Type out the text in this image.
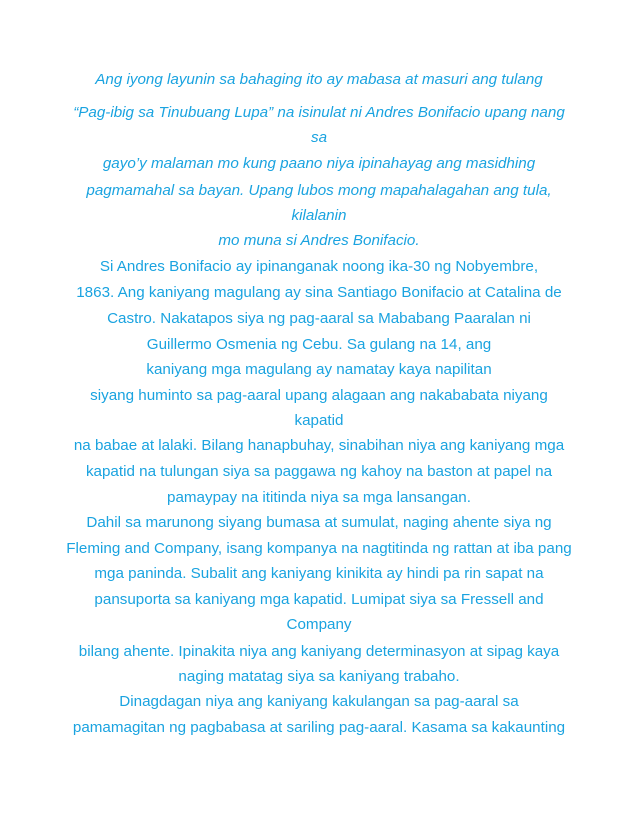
Ang iyong layunin sa bahaging ito ay mabasa at masuri ang tulang
“Pag-ibig sa Tinubuang Lupa” na isinulat ni Andres Bonifacio upang nang
sa
gayo’y malaman mo kung paano niya ipinahayag ang masidhing
pagmamahal sa bayan. Upang lubos mong mapahalagahan ang tula,
kilalanin
mo muna si Andres Bonifacio.
Si Andres Bonifacio ay ipinanganak noong ika-30 ng Nobyembre,
1863. Ang kaniyang magulang ay sina Santiago Bonifacio at Catalina de
Castro. Nakatapos siya ng pag-aaral sa Mababang Paaralan ni
Guillermo Osmenia ng Cebu. Sa gulang na 14, ang
kaniyang mga magulang ay namatay kaya napilitan
siyang huminto sa pag-aaral upang alagaan ang nakababata niyang
kapatid
na babae at lalaki. Bilang hanapbuhay, sinabihan niya ang kaniyang mga
kapatid na tulungan siya sa paggawa ng kahoy na baston at papel na
pamaypay na ititinda niya sa mga lansangan.
Dahil sa marunong siyang bumasa at sumulat, naging ahente siya ng
Fleming and Company, isang kompanya na nagtitinda ng rattan at iba pang
mga paninda. Subalit ang kaniyang kinikita ay hindi pa rin sapat na
pansuporta sa kaniyang mga kapatid. Lumipat siya sa Fressell and
Company
bilang ahente. Ipinakita niya ang kaniyang determinasyon at sipag kaya
naging matatag siya sa kaniyang trabaho.
Dinagdagan niya ang kaniyang kakulangan sa pag-aaral sa
pamamagitan ng pagbabasa at sariling pag-aaral. Kasama sa kakaunting
